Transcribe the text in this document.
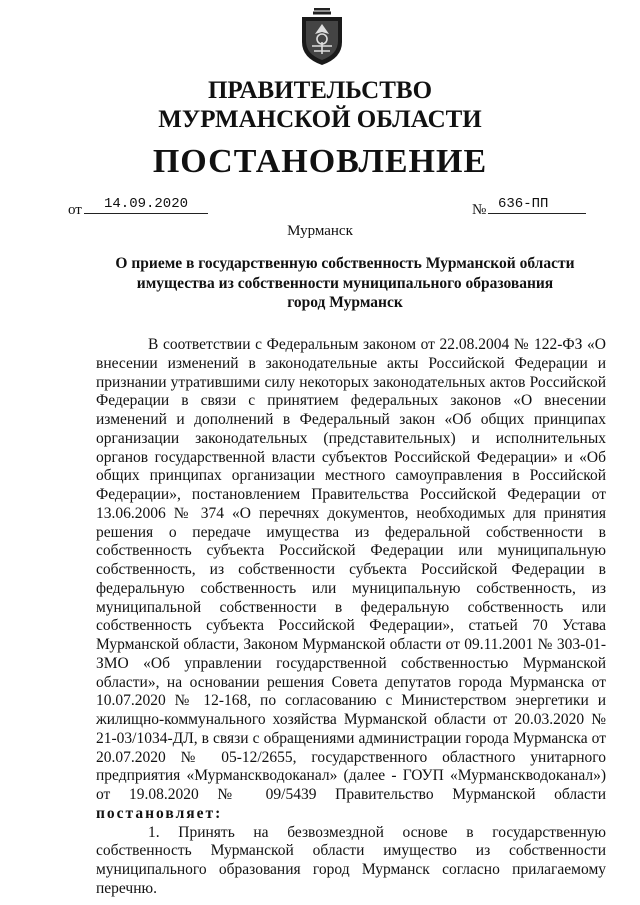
ПРАВИТЕЛЬСТВО
МУРМАНСКОЙ ОБЛАСТИ
ПОСТАНОВЛЕНИЕ
от	14.09.2020	№ 636-ПП
Мурманск
О приеме в государственную собственность Мурманской области
имущества из собственности муниципального образования
город Мурманск

В соответствии с Федеральным законом от 22.08.2004 № 122-ФЗ «О внесении изменений в законодательные акты Российской Федерации и признании утратившими силу некоторых законодательных актов Российской Федерации в связи с принятием федеральных законов «О внесении изменений и дополнений в Федеральный закон «Об общих принципах организации законодательных (представительных) и исполнительных органов государственной власти субъектов Российской Федерации» и «Об общих принципах организации местного самоуправления в Российской Федерации», постановлением Правительства Российской Федерации от 13.06.2006 № 374 «О перечнях документов, необходимых для принятия решения о передаче имущества из федеральной собственности в собственность субъекта Российской Федерации или муниципальную собственность, из собственности субъекта Российской Федерации в федеральную собственность или муниципальную собственность, из муниципальной собственности в федеральную собственность или собственность субъекта Российской Федерации», статьей 70 Устава Мурманской области, Законом Мурманской области от 09.11.2001 № 303-01-ЗМО «Об управлении государственной собственностью Мурманской области», на основании решения Совета депутатов города Мурманска от 10.07.2020 № 12-168, по согласованию с Министерством энергетики и жилищно-коммунального хозяйства Мурманской области от 20.03.2020 № 21-03/1034-ДЛ, в связи с обращениями администрации города Мурманска от 20.07.2020 № 05-12/2655, государственного областного унитарного предприятия «Мурманскводоканал» (далее - ГОУП «Мурманскводоканал») от 19.08.2020 № 09/5439 Правительство Мурманской области постановляет:

1. Принять на безвозмездной основе в государственную собственность Мурманской области имущество из собственности муниципального образования город Мурманск согласно прилагаемому перечню.
